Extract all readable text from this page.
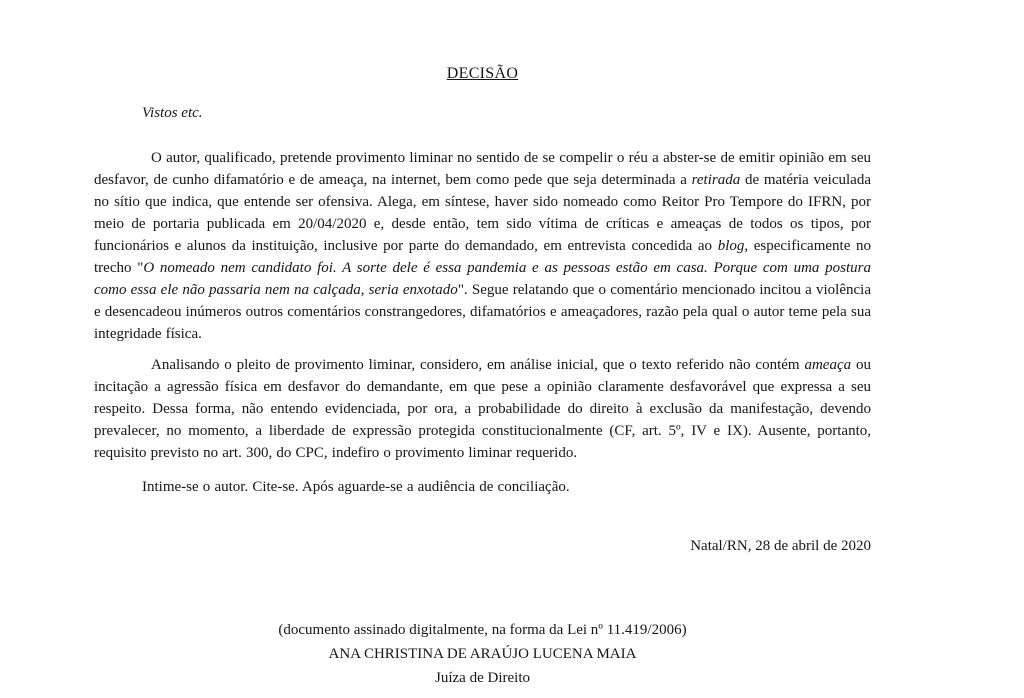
DECISÃO

Vistos etc.

O autor, qualificado, pretende provimento liminar no sentido de se compelir o réu a abster-se de emitir opinião em seu desfavor, de cunho difamatório e de ameaça, na internet, bem como pede que seja determinada a retirada de matéria veiculada no sítio que indica, que entende ser ofensiva. Alega, em síntese, haver sido nomeado como Reitor Pro Tempore do IFRN, por meio de portaria publicada em 20/04/2020 e, desde então, tem sido vítima de críticas e ameaças de todos os tipos, por funcionários e alunos da instituição, inclusive por parte do demandado, em entrevista concedida ao blog, especificamente no trecho "O nomeado nem candidato foi. A sorte dele é essa pandemia e as pessoas estão em casa. Porque com uma postura como essa ele não passaria nem na calçada, seria enxotado". Segue relatando que o comentário mencionado incitou a violência e desencadeou inúmeros outros comentários constrangedores, difamatórios e ameaçadores, razão pela qual o autor teme pela sua integridade física.

Analisando o pleito de provimento liminar, considero, em análise inicial, que o texto referido não contém ameaça ou incitação a agressão física em desfavor do demandante, em que pese a opinião claramente desfavorável que expressa a seu respeito. Dessa forma, não entendo evidenciada, por ora, a probabilidade do direito à exclusão da manifestação, devendo prevalecer, no momento, a liberdade de expressão protegida constitucionalmente (CF, art. 5º, IV e IX). Ausente, portanto, requisito previsto no art. 300, do CPC, indefiro o provimento liminar requerido.

Intime-se o autor. Cite-se. Após aguarde-se a audiência de conciliação.

Natal/RN, 28 de abril de 2020

(documento assinado digitalmente, na forma da Lei nº 11.419/2006)

ANA CHRISTINA DE ARAÚJO LUCENA MAIA

Juíza de Direito
